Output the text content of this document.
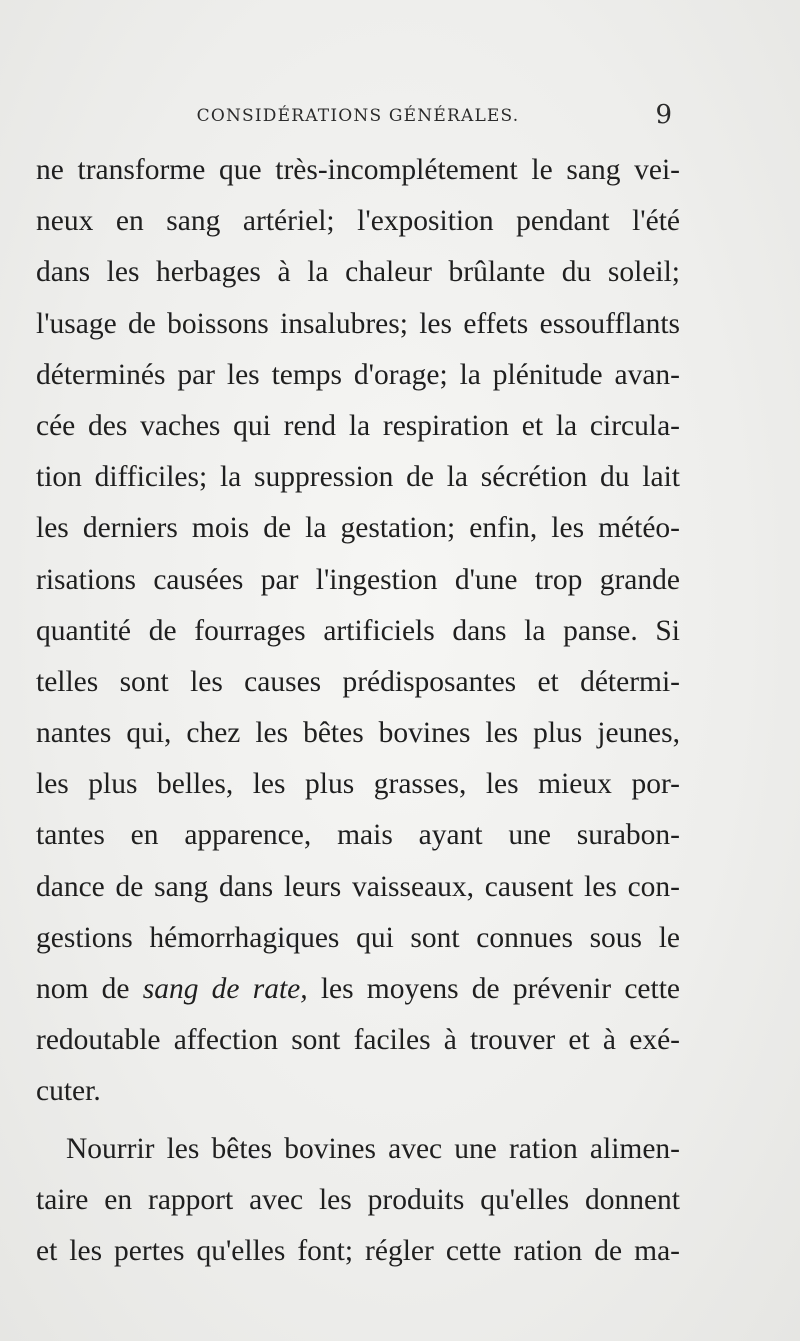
CONSIDÉRATIONS GÉNÉRALES.	9
ne transforme que très-incomplétement le sang vei-
neux en sang artériel; l'exposition pendant l'été
dans les herbages à la chaleur brûlante du soleil;
l'usage de boissons insalubres; les effets essoufflants
déterminés par les temps d'orage; la plénitude avan-
cée des vaches qui rend la respiration et la circula-
tion difficiles; la suppression de la sécrétion du lait
les derniers mois de la gestation; enfin, les météo-
risations causées par l'ingestion d'une trop grande
quantité de fourrages artificiels dans la panse. Si
telles sont les causes prédisposantes et détermi-
nantes qui, chez les bêtes bovines les plus jeunes,
les plus belles, les plus grasses, les mieux por-
tantes en apparence, mais ayant une surabon-
dance de sang dans leurs vaisseaux, causent les con-
gestions hémorrhagiques qui sont connues sous le
nom de sang de rate, les moyens de prévenir cette
redoutable affection sont faciles à trouver et à exé-
cuter.
Nourrir les bêtes bovines avec une ration alimen-
taire en rapport avec les produits qu'elles donnent
et les pertes qu'elles font; régler cette ration de ma-
